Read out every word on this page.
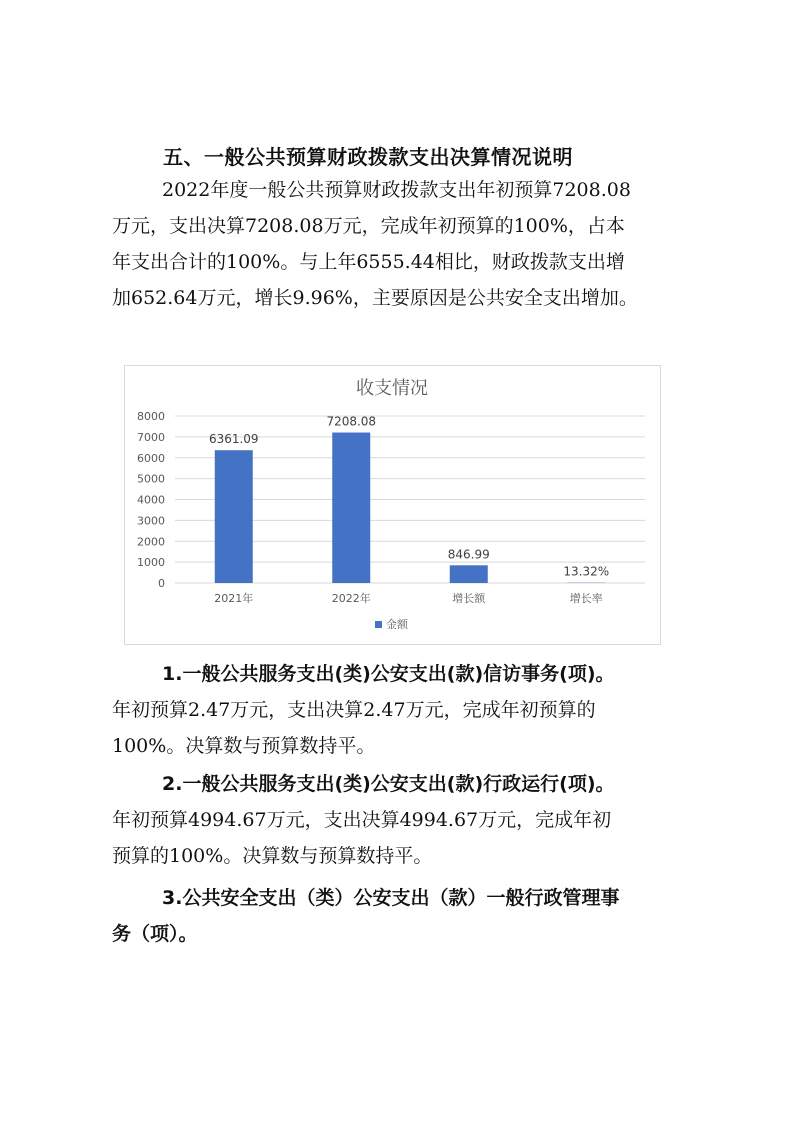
五、一般公共预算财政拨款支出决算情况说明
2022年度一般公共预算财政拨款支出年初预算7208.08
万元，支出决算7208.08万元，完成年初预算的100%，占本
年支出合计的100%。与上年6555.44相比，财政拨款支出增
加652.64万元，增长9.96%，主要原因是公共安全支出增加。
收支情况
0
1000
2000
3000
4000
5000
6000
7000
8000
6361.09
2021年
7208.08
2022年
846.99
增长额
13.32%
增长率
金额
1.一般公共服务支出(类)公安支出(款)信访事务(项)。
年初预算2.47万元，支出决算2.47万元，完成年初预算的
100%。决算数与预算数持平。
2.一般公共服务支出(类)公安支出(款)行政运行(项)。
年初预算4994.67万元，支出决算4994.67万元，完成年初
预算的100%。决算数与预算数持平。
3.公共安全支出（类）公安支出（款）一般行政管理事
务（项）。
